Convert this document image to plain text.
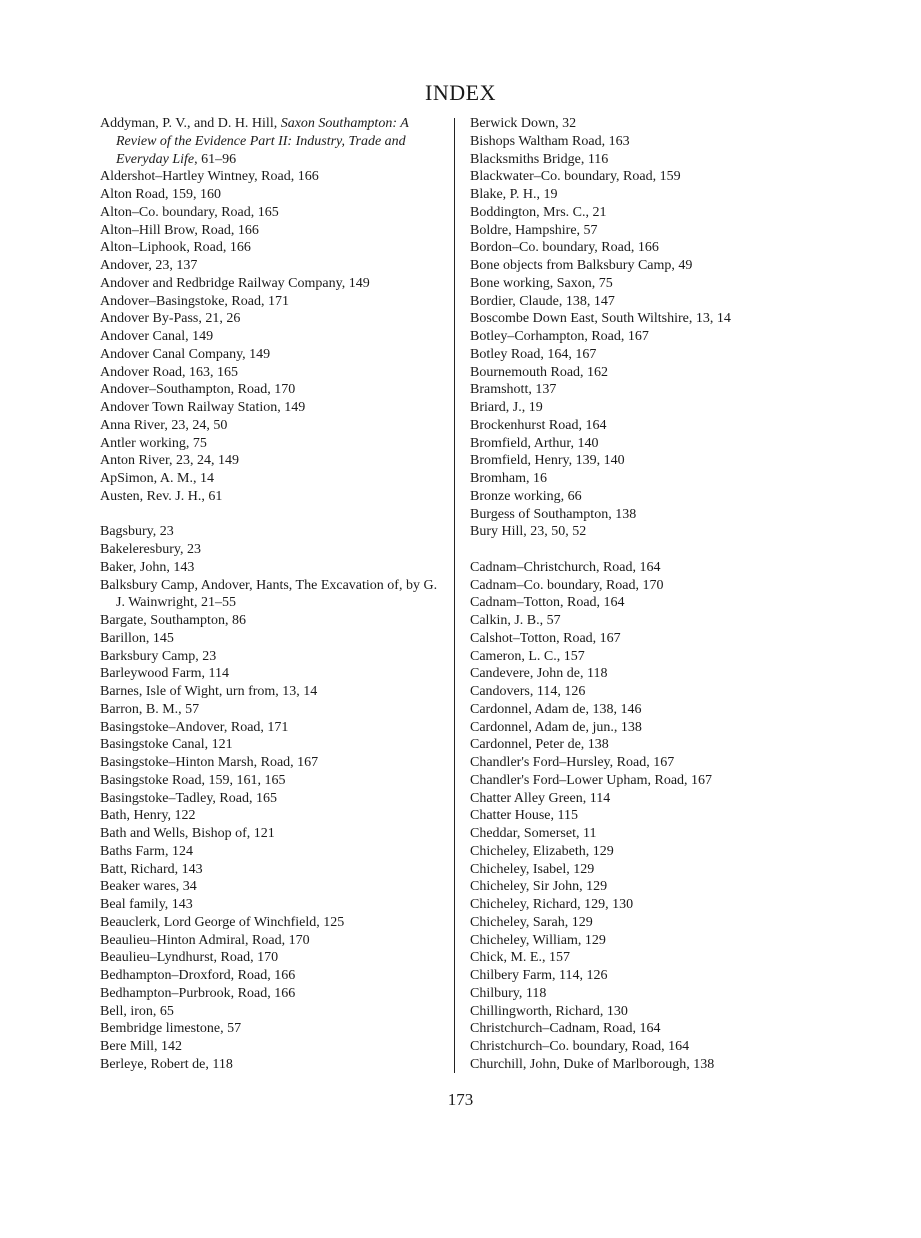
INDEX
Addyman, P. V., and D. H. Hill, Saxon Southampton: A Review of the Evidence Part II: Industry, Trade and Everyday Life, 61–96
Aldershot–Hartley Wintney, Road, 166
Alton Road, 159, 160
Alton–Co. boundary, Road, 165
Alton–Hill Brow, Road, 166
Alton–Liphook, Road, 166
Andover, 23, 137
Andover and Redbridge Railway Company, 149
Andover–Basingstoke, Road, 171
Andover By-Pass, 21, 26
Andover Canal, 149
Andover Canal Company, 149
Andover Road, 163, 165
Andover–Southampton, Road, 170
Andover Town Railway Station, 149
Anna River, 23, 24, 50
Antler working, 75
Anton River, 23, 24, 149
ApSimon, A. M., 14
Austen, Rev. J. H., 61
Bagsbury, 23
Bakeleresbury, 23
Baker, John, 143
Balksbury Camp, Andover, Hants, The Excavation of, by G. J. Wainwright, 21–55
Bargate, Southampton, 86
Barillon, 145
Barksbury Camp, 23
Barleywood Farm, 114
Barnes, Isle of Wight, urn from, 13, 14
Barron, B. M., 57
Basingstoke–Andover, Road, 171
Basingstoke Canal, 121
Basingstoke–Hinton Marsh, Road, 167
Basingstoke Road, 159, 161, 165
Basingstoke–Tadley, Road, 165
Bath, Henry, 122
Bath and Wells, Bishop of, 121
Baths Farm, 124
Batt, Richard, 143
Beaker wares, 34
Beal family, 143
Beauclerk, Lord George of Winchfield, 125
Beaulieu–Hinton Admiral, Road, 170
Beaulieu–Lyndhurst, Road, 170
Bedhampton–Droxford, Road, 166
Bedhampton–Purbrook, Road, 166
Bell, iron, 65
Bembridge limestone, 57
Bere Mill, 142
Berleye, Robert de, 118
Berwick Down, 32
Bishops Waltham Road, 163
Blacksmiths Bridge, 116
Blackwater–Co. boundary, Road, 159
Blake, P. H., 19
Boddington, Mrs. C., 21
Boldre, Hampshire, 57
Bordon–Co. boundary, Road, 166
Bone objects from Balksbury Camp, 49
Bone working, Saxon, 75
Bordier, Claude, 138, 147
Boscombe Down East, South Wiltshire, 13, 14
Botley–Corhampton, Road, 167
Botley Road, 164, 167
Bournemouth Road, 162
Bramshott, 137
Briard, J., 19
Brockenhurst Road, 164
Bromfield, Arthur, 140
Bromfield, Henry, 139, 140
Bromham, 16
Bronze working, 66
Burgess of Southampton, 138
Bury Hill, 23, 50, 52
Cadnam–Christchurch, Road, 164
Cadnam–Co. boundary, Road, 170
Cadnam–Totton, Road, 164
Calkin, J. B., 57
Calshot–Totton, Road, 167
Cameron, L. C., 157
Candevere, John de, 118
Candovers, 114, 126
Cardonnel, Adam de, 138, 146
Cardonnel, Adam de, jun., 138
Cardonnel, Peter de, 138
Chandler's Ford–Hursley, Road, 167
Chandler's Ford–Lower Upham, Road, 167
Chatter Alley Green, 114
Chatter House, 115
Cheddar, Somerset, 11
Chicheley, Elizabeth, 129
Chicheley, Isabel, 129
Chicheley, Sir John, 129
Chicheley, Richard, 129, 130
Chicheley, Sarah, 129
Chicheley, William, 129
Chick, M. E., 157
Chilbery Farm, 114, 126
Chilbury, 118
Chillingworth, Richard, 130
Christchurch–Cadnam, Road, 164
Christchurch–Co. boundary, Road, 164
Churchill, John, Duke of Marlborough, 138
173
